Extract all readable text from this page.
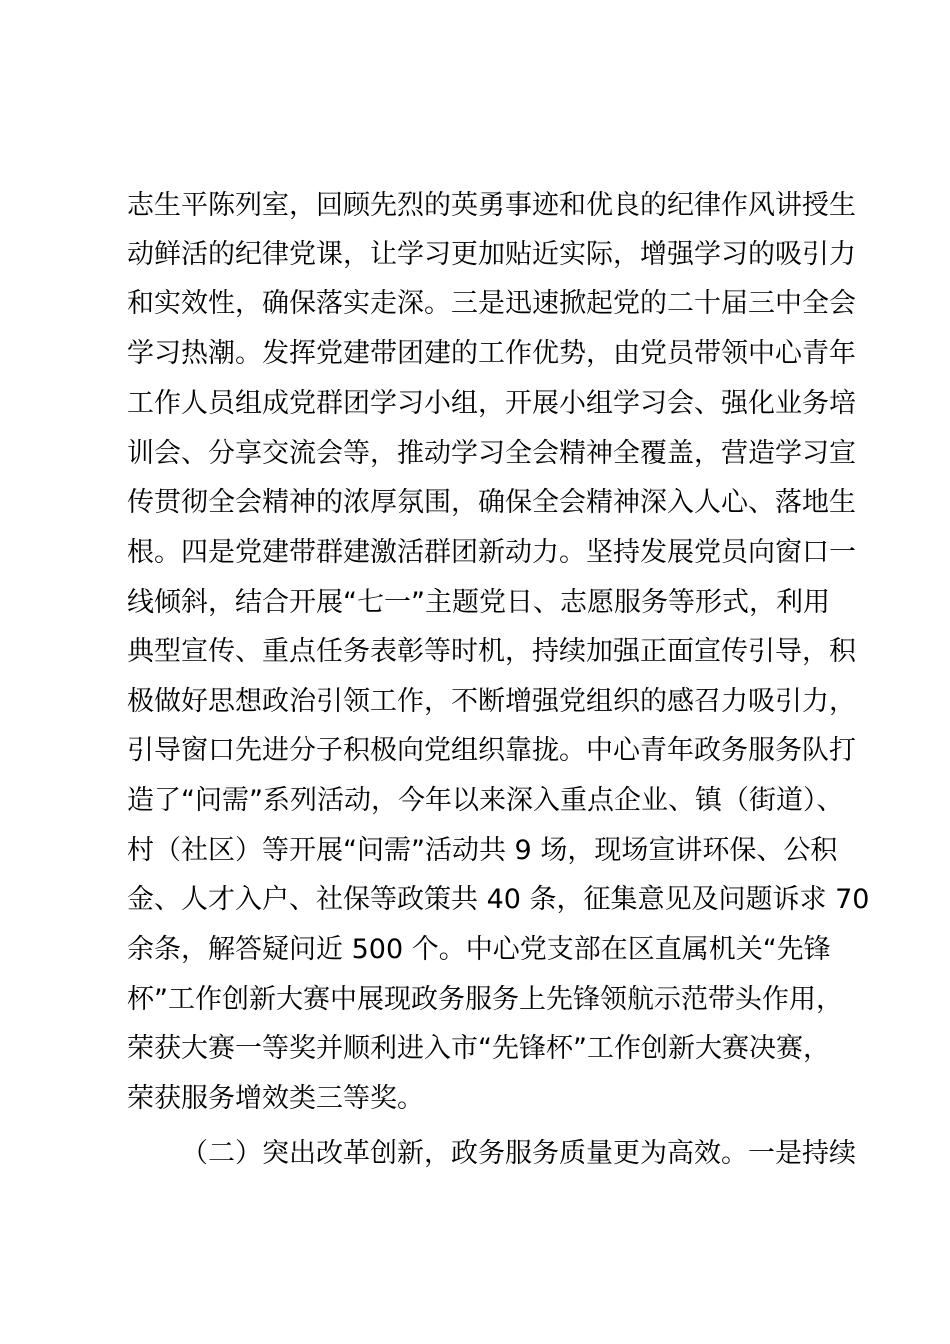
志生平陈列室，回顾先烈的英勇事迹和优良的纪律作风讲授生
动鲜活的纪律党课，让学习更加贴近实际，增强学习的吸引力
和实效性，确保落实走深。三是迅速掀起党的二十届三中全会
学习热潮。发挥党建带团建的工作优势，由党员带领中心青年
工作人员组成党群团学习小组，开展小组学习会、强化业务培
训会、分享交流会等，推动学习全会精神全覆盖，营造学习宣
传贯彻全会精神的浓厚氛围，确保全会精神深入人心、落地生
根。四是党建带群建激活群团新动力。坚持发展党员向窗口一
线倾斜，结合开展“七一”主题党日、志愿服务等形式，利用
典型宣传、重点任务表彰等时机，持续加强正面宣传引导，积
极做好思想政治引领工作，不断增强党组织的感召力吸引力，
引导窗口先进分子积极向党组织靠拢。中心青年政务服务队打
造了“问需”系列活动，今年以来深入重点企业、镇（街道）、
村（社区）等开展“问需”活动共 9 场，现场宣讲环保、公积
金、人才入户、社保等政策共 40 条，征集意见及问题诉求 70
余条，解答疑问近 500 个。中心党支部在区直属机关“先锋
杯”工作创新大赛中展现政务服务上先锋领航示范带头作用，
荣获大赛一等奖并顺利进入市“先锋杯”工作创新大赛决赛，
荣获服务增效类三等奖。
（二）突出改革创新，政务服务质量更为高效。一是持续
